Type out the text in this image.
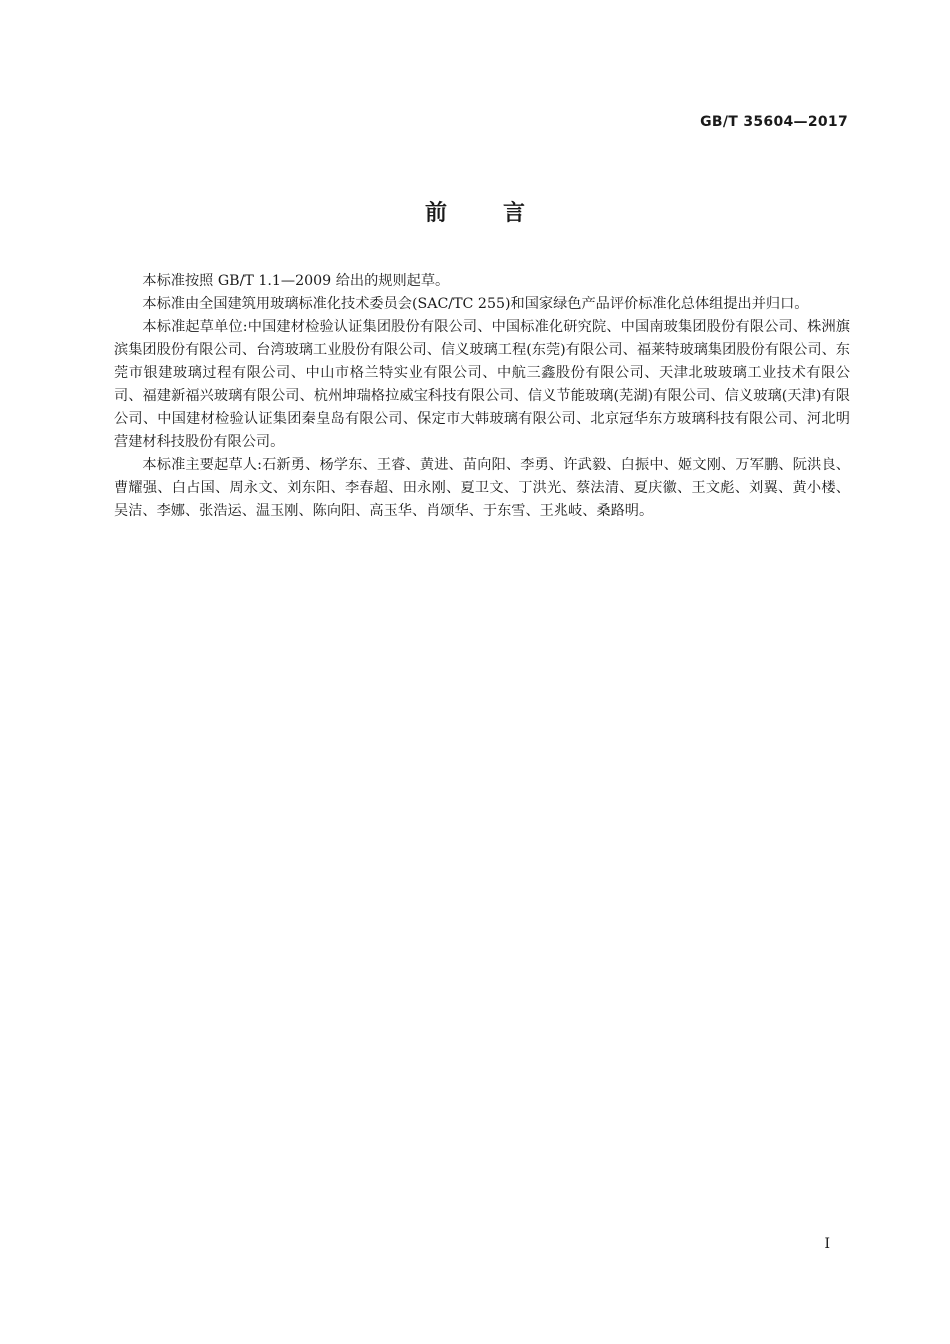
GB/T 35604—2017
前言

本标准按照 GB/T 1.1—2009 给出的规则起草。

本标准由全国建筑用玻璃标准化技术委员会(SAC/TC 255)和国家绿色产品评价标准化总体组提出并归口。

本标准起草单位:中国建材检验认证集团股份有限公司、中国标准化研究院、中国南玻集团股份有限公司、株洲旗滨集团股份有限公司、台湾玻璃工业股份有限公司、信义玻璃工程(东莞)有限公司、福莱特玻璃集团股份有限公司、东莞市银建玻璃过程有限公司、中山市格兰特实业有限公司、中航三鑫股份有限公司、天津北玻玻璃工业技术有限公司、福建新福兴玻璃有限公司、杭州坤瑞格拉威宝科技有限公司、信义节能玻璃(芜湖)有限公司、信义玻璃(天津)有限公司、中国建材检验认证集团秦皇岛有限公司、保定市大韩玻璃有限公司、北京冠华东方玻璃科技有限公司、河北明营建材科技股份有限公司。

本标准主要起草人:石新勇、杨学东、王睿、黄进、苗向阳、李勇、许武毅、白振中、姬文刚、万军鹏、阮洪良、曹耀强、白占国、周永文、刘东阳、李春超、田永刚、夏卫文、丁洪光、蔡法清、夏庆徽、王文彪、刘翼、黄小楼、吴洁、李娜、张浩运、温玉刚、陈向阳、高玉华、肖颂华、于东雪、王兆岐、桑路明。

I
